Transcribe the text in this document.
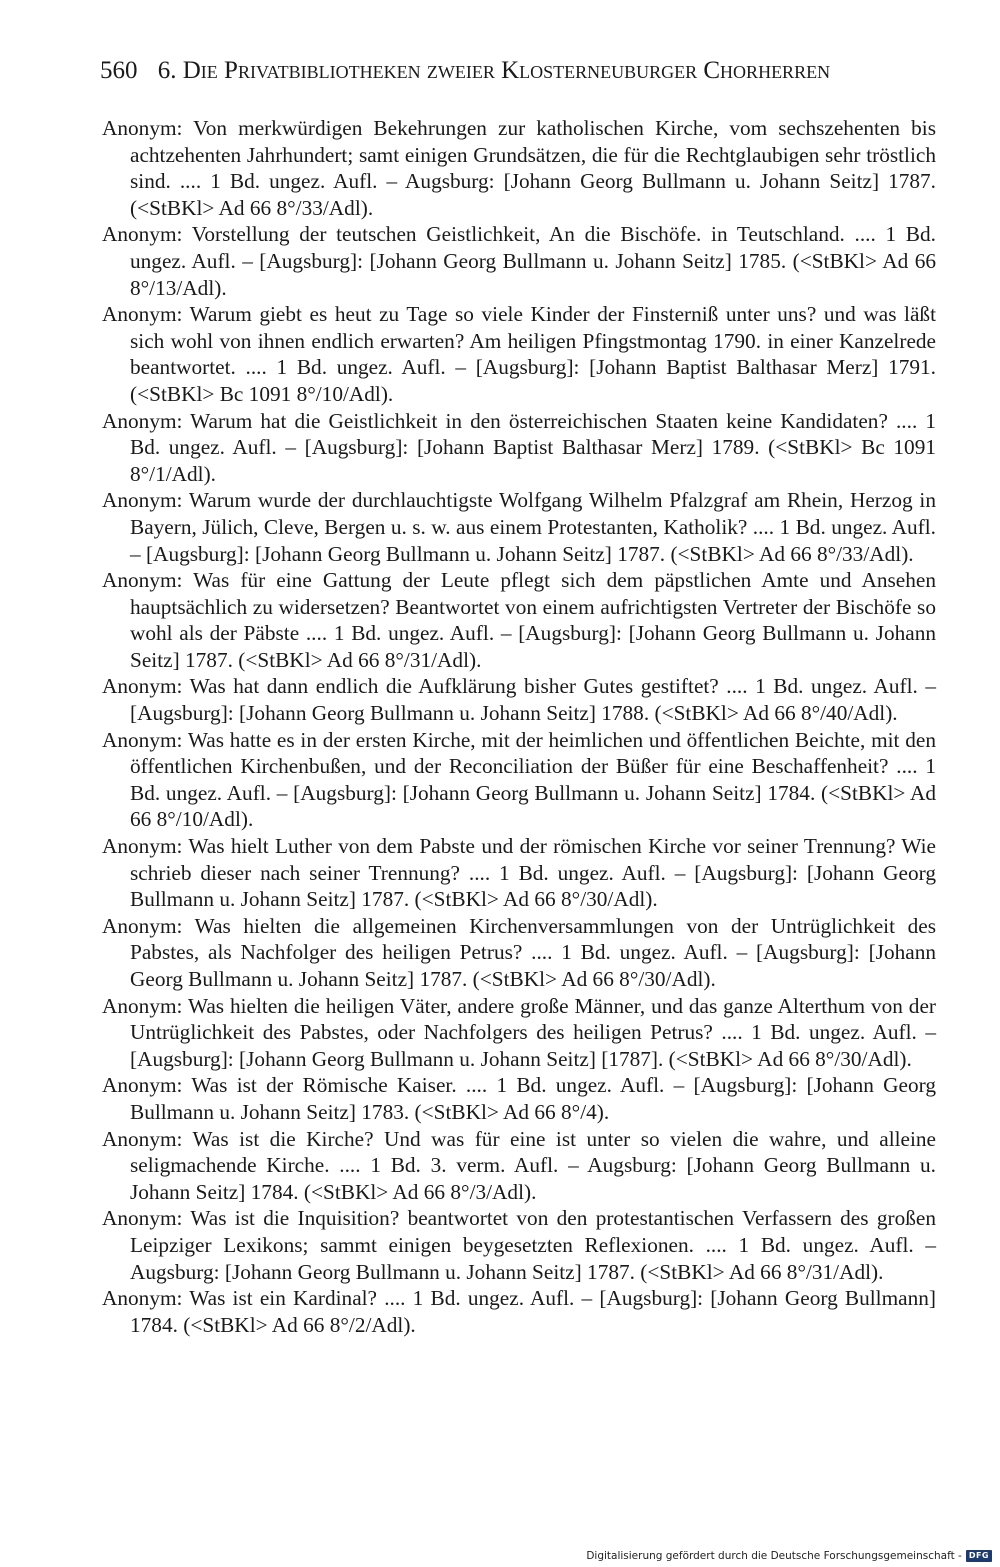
560 6. Die Privatbibliotheken zweier Klosterneuburger Chorherren
Anonym: Von merkwürdigen Bekehrungen zur katholischen Kirche, vom sechszehenten bis achtzehenten Jahrhundert; samt einigen Grundsätzen, die für die Rechtglaubigen sehr tröstlich sind. .... 1 Bd. ungez. Aufl. – Augsburg: [Johann Georg Bullmann u. Johann Seitz] 1787. (<StBKl> Ad 66 8°/33/Adl).
Anonym: Vorstellung der teutschen Geistlichkeit, An die Bischöfe. in Teutschland. .... 1 Bd. ungez. Aufl. – [Augsburg]: [Johann Georg Bullmann u. Johann Seitz] 1785. (<StBKl> Ad 66 8°/13/Adl).
Anonym: Warum giebt es heut zu Tage so viele Kinder der Finsterniß unter uns? und was läßt sich wohl von ihnen endlich erwarten? Am heiligen Pfingstmontag 1790. in einer Kanzelrede beantwortet. .... 1 Bd. ungez. Aufl. – [Augsburg]: [Johann Baptist Balthasar Merz] 1791. (<StBKl> Bc 1091 8°/10/Adl).
Anonym: Warum hat die Geistlichkeit in den österreichischen Staaten keine Kandidaten? .... 1 Bd. ungez. Aufl. – [Augsburg]: [Johann Baptist Balthasar Merz] 1789. (<StBKl> Bc 1091 8°/1/Adl).
Anonym: Warum wurde der durchlauchtigste Wolfgang Wilhelm Pfalzgraf am Rhein, Herzog in Bayern, Jülich, Cleve, Bergen u. s. w. aus einem Protestanten, Katholik? .... 1 Bd. ungez. Aufl. – [Augsburg]: [Johann Georg Bullmann u. Johann Seitz] 1787. (<StBKl> Ad 66 8°/33/Adl).
Anonym: Was für eine Gattung der Leute pflegt sich dem päpstlichen Amte und Ansehen hauptsächlich zu widersetzen? Beantwortet von einem aufrichtigsten Vertreter der Bischöfe so wohl als der Päbste .... 1 Bd. ungez. Aufl. – [Augsburg]: [Johann Georg Bullmann u. Johann Seitz] 1787. (<StBKl> Ad 66 8°/31/Adl).
Anonym: Was hat dann endlich die Aufklärung bisher Gutes gestiftet? .... 1 Bd. ungez. Aufl. – [Augsburg]: [Johann Georg Bullmann u. Johann Seitz] 1788. (<StBKl> Ad 66 8°/40/Adl).
Anonym: Was hatte es in der ersten Kirche, mit der heimlichen und öffentlichen Beichte, mit den öffentlichen Kirchenbußen, und der Reconciliation der Büßer für eine Beschaffenheit? .... 1 Bd. ungez. Aufl. – [Augsburg]: [Johann Georg Bullmann u. Johann Seitz] 1784. (<StBKl> Ad 66 8°/10/Adl).
Anonym: Was hielt Luther von dem Pabste und der römischen Kirche vor seiner Trennung? Wie schrieb dieser nach seiner Trennung? .... 1 Bd. ungez. Aufl. – [Augsburg]: [Johann Georg Bullmann u. Johann Seitz] 1787. (<StBKl> Ad 66 8°/30/Adl).
Anonym: Was hielten die allgemeinen Kirchenversammlungen von der Untrüglichkeit des Pabstes, als Nachfolger des heiligen Petrus? .... 1 Bd. ungez. Aufl. – [Augsburg]: [Johann Georg Bullmann u. Johann Seitz] 1787. (<StBKl> Ad 66 8°/30/Adl).
Anonym: Was hielten die heiligen Väter, andere große Männer, und das ganze Alterthum von der Untrüglichkeit des Pabstes, oder Nachfolgers des heiligen Petrus? .... 1 Bd. ungez. Aufl. – [Augsburg]: [Johann Georg Bullmann u. Johann Seitz] [1787]. (<StBKl> Ad 66 8°/30/Adl).
Anonym: Was ist der Römische Kaiser. .... 1 Bd. ungez. Aufl. – [Augsburg]: [Johann Georg Bullmann u. Johann Seitz] 1783. (<StBKl> Ad 66 8°/4).
Anonym: Was ist die Kirche? Und was für eine ist unter so vielen die wahre, und alleine seligmachende Kirche. .... 1 Bd. 3. verm. Aufl. – Augsburg: [Johann Georg Bullmann u. Johann Seitz] 1784. (<StBKl> Ad 66 8°/3/Adl).
Anonym: Was ist die Inquisition? beantwortet von den protestantischen Verfassern des großen Leipziger Lexikons; sammt einigen beygesetzten Reflexionen. .... 1 Bd. ungez. Aufl. – Augsburg: [Johann Georg Bullmann u. Johann Seitz] 1787. (<StBKl> Ad 66 8°/31/Adl).
Anonym: Was ist ein Kardinal? .... 1 Bd. ungez. Aufl. – [Augsburg]: [Johann Georg Bullmann] 1784. (<StBKl> Ad 66 8°/2/Adl).
Digitalisierung gefördert durch die Deutsche Forschungsgemeinschaft - DFG
